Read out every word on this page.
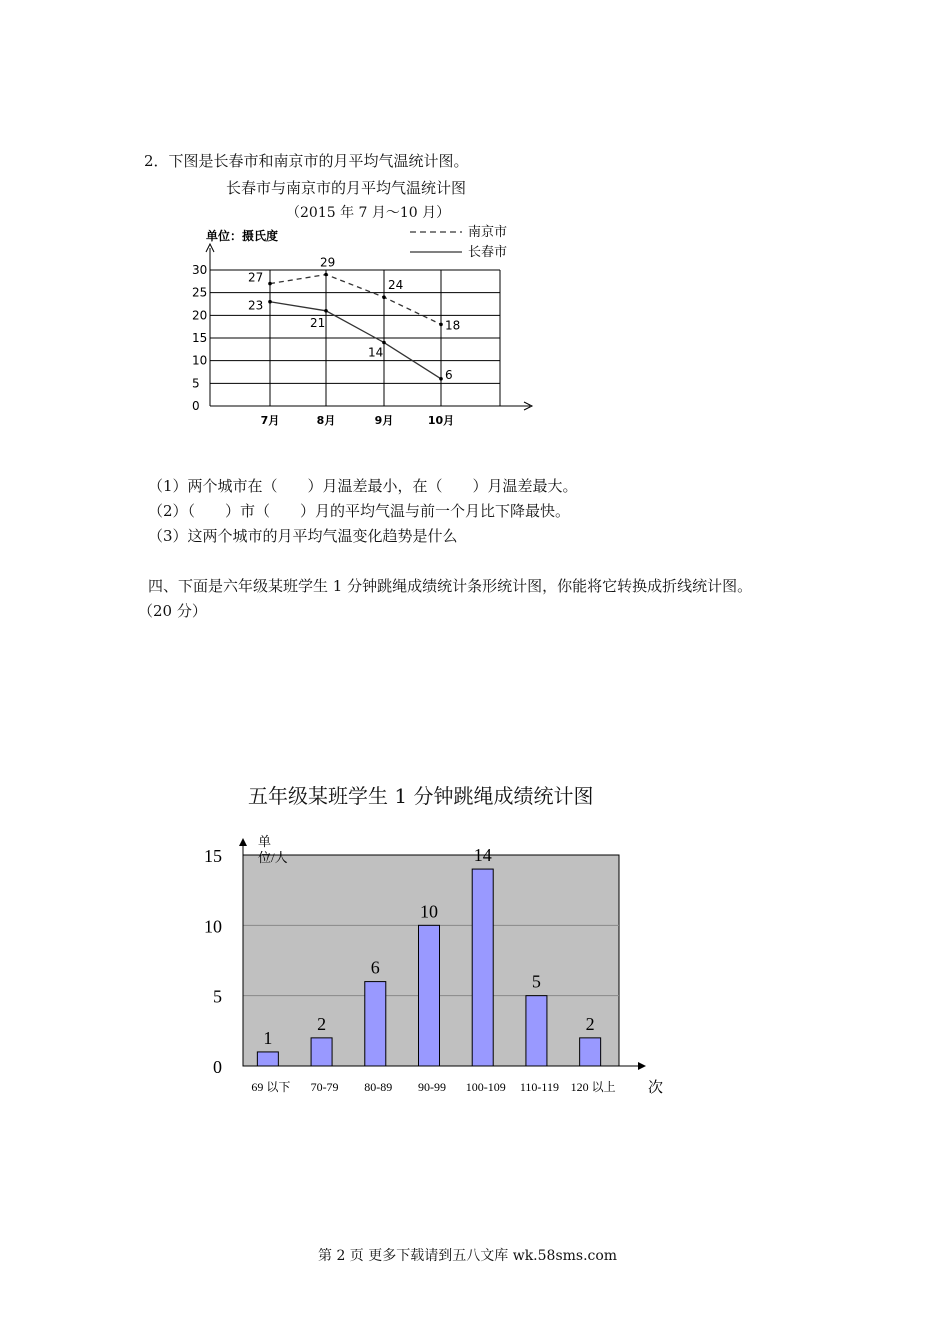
2．下图是长春市和南京市的月平均气温统计图。
长春市与南京市的月平均气温统计图
（2015 年 7 月～10 月）
单位：摄氏度
0
5
10
15
20
25
30
7月	8月	9月	10月
南京市
长春市
27
29
24
18
23
21
14
6
（1）两个城市在（　　）月温差最小，在（　　）月温差最大。
（2）（　　）市（　　）月的平均气温与前一个月比下降最快。
（3）这两个城市的月平均气温变化趋势是什么
四、下面是六年级某班学生 1 分钟跳绳成绩统计条形统计图，你能将它转换成折线统计图。
（20 分）
五年级某班学生 1 分钟跳绳成绩统计图
单
位/人
次
0
5
10
15
1
69 以下
2
70-79
6
80-89
10
90-99
14
100-109
5
110-119
2
120 以上
第 2 页 更多下载请到五八文库 wk.58sms.com
